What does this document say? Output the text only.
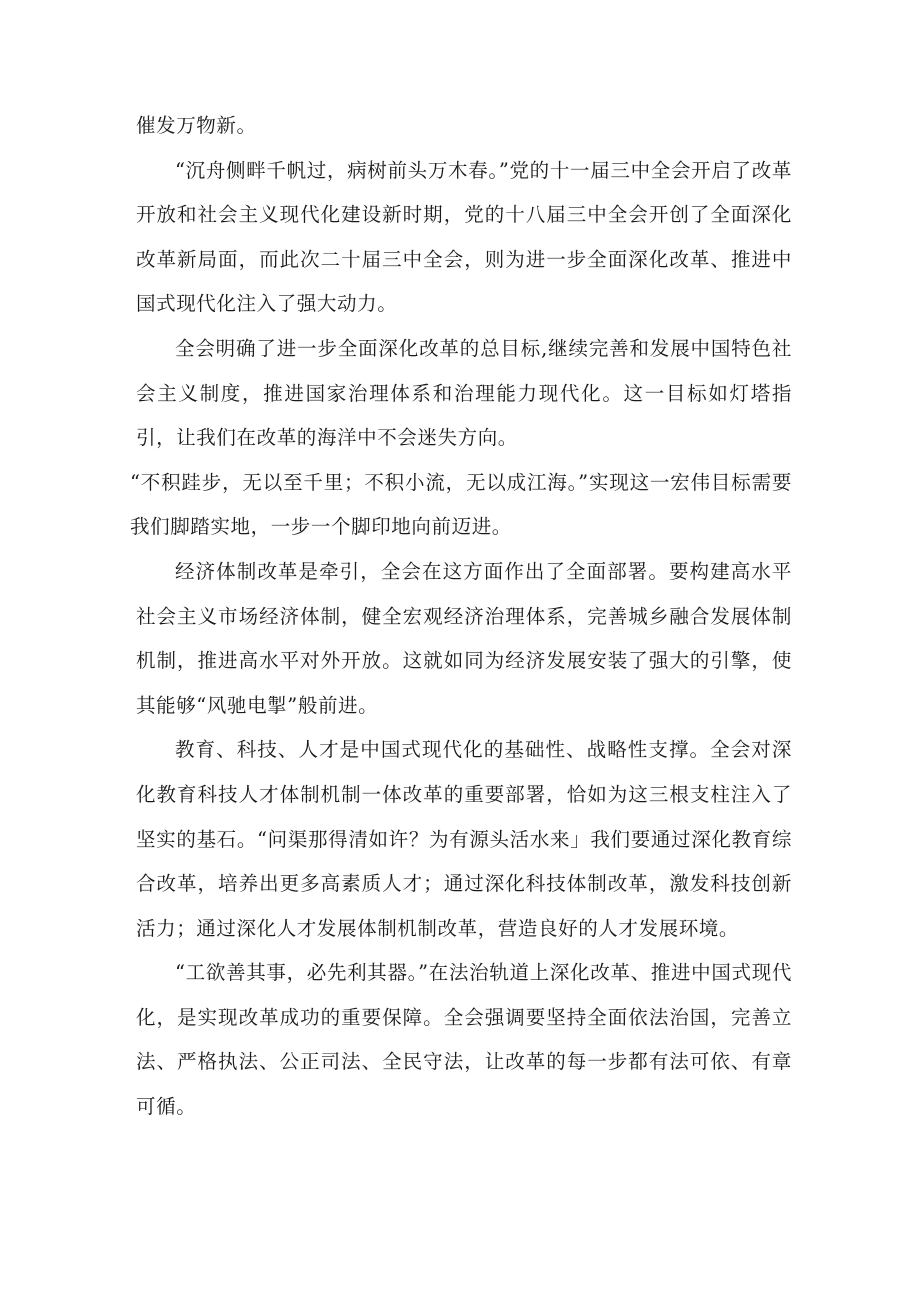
催发万物新。

“沉舟侧畔千帆过，病树前头万木春。”党的十一届三中全会开启了改革开放和社会主义现代化建设新时期，党的十八届三中全会开创了全面深化改革新局面，而此次二十届三中全会，则为进一步全面深化改革、推进中国式现代化注入了强大动力。

全会明确了进一步全面深化改革的总目标,继续完善和发展中国特色社会主义制度，推进国家治理体系和治理能力现代化。这一目标如灯塔指引，让我们在改革的海洋中不会迷失方向。

“不积跬步，无以至千里；不积小流，无以成江海。”实现这一宏伟目标需要我们脚踏实地，一步一个脚印地向前迈进。

经济体制改革是牵引，全会在这方面作出了全面部署。要构建高水平社会主义市场经济体制，健全宏观经济治理体系，完善城乡融合发展体制机制，推进高水平对外开放。这就如同为经济发展安装了强大的引擎，使其能够“风驰电掣”般前进。

教育、科技、人才是中国式现代化的基础性、战略性支撑。全会对深化教育科技人才体制机制一体改革的重要部署，恰如为这三根支柱注入了坚实的基石。“问渠那得清如许？为有源头活水来」我们要通过深化教育综合改革，培养出更多高素质人才；通过深化科技体制改革，激发科技创新活力；通过深化人才发展体制机制改革，营造良好的人才发展环境。

“工欲善其事，必先利其器。”在法治轨道上深化改革、推进中国式现代化，是实现改革成功的重要保障。全会强调要坚持全面依法治国，完善立法、严格执法、公正司法、全民守法，让改革的每一步都有法可依、有章可循。
